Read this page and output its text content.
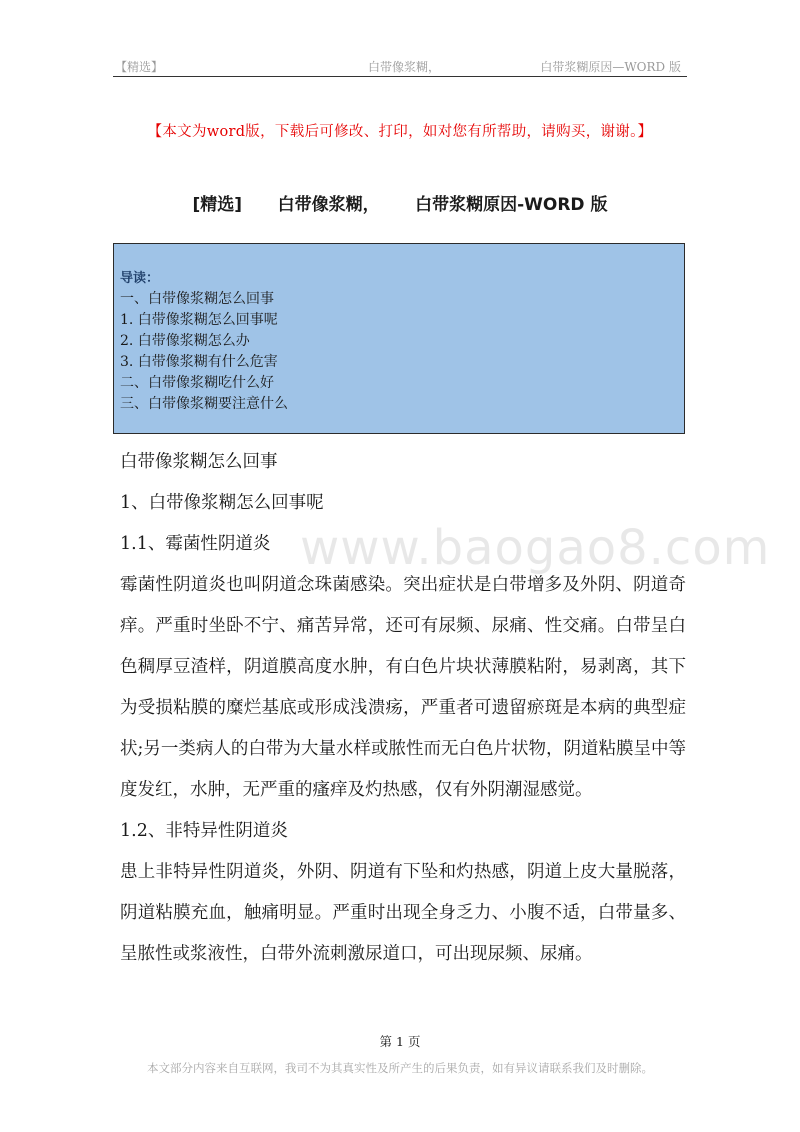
【精选】	白带像浆糊，	白带浆糊原因—WORD 版
【本文为word版，下载后可修改、打印，如对您有所帮助，请购买，谢谢。】
[精选]      白带像浆糊，      白带浆糊原因-WORD 版
导读：
一、白带像浆糊怎么回事
1. 白带像浆糊怎么回事呢
2. 白带像浆糊怎么办
3. 白带像浆糊有什么危害
二、白带像浆糊吃什么好
三、白带像浆糊要注意什么
www.baogao8.com

白带像浆糊怎么回事

1、白带像浆糊怎么回事呢

1.1、霉菌性阴道炎

霉菌性阴道炎也叫阴道念珠菌感染。突出症状是白带增多及外阴、阴道奇痒。严重时坐卧不宁、痛苦异常，还可有尿频、尿痛、性交痛。白带呈白色稠厚豆渣样，阴道膜高度水肿，有白色片块状薄膜粘附，易剥离，其下为受损粘膜的糜烂基底或形成浅溃疡，严重者可遗留瘀斑是本病的典型症状;另一类病人的白带为大量水样或脓性而无白色片状物，阴道粘膜呈中等度发红，水肿，无严重的瘙痒及灼热感，仅有外阴潮湿感觉。

1.2、非特异性阴道炎

患上非特异性阴道炎，外阴、阴道有下坠和灼热感，阴道上皮大量脱落，阴道粘膜充血，触痛明显。严重时出现全身乏力、小腹不适，白带量多、呈脓性或浆液性，白带外流刺激尿道口，可出现尿频、尿痛。

第 1 页
本文部分内容来自互联网，我司不为其真实性及所产生的后果负责，如有异议请联系我们及时删除。
